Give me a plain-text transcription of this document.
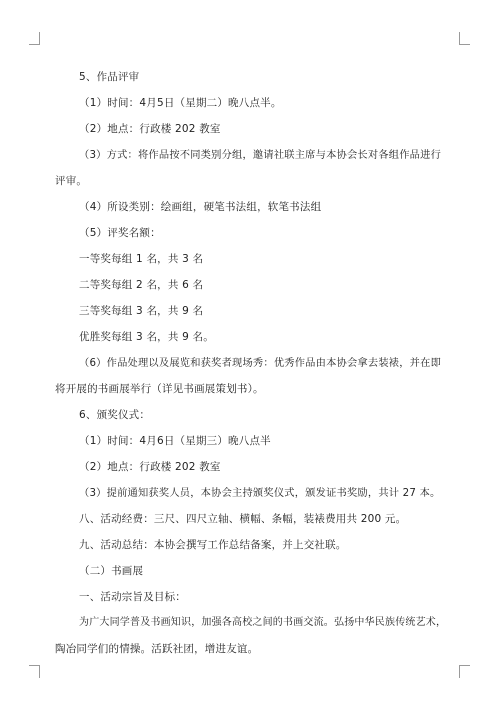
5、作品评审
（1）时间：4月5日（星期二）晚八点半。
（2）地点：行政楼 202 教室
（3）方式：将作品按不同类别分组，邀请社联主席与本协会长对各组作品进行
评审。
（4）所设类别：绘画组，硬笔书法组，软笔书法组
（5）评奖名额：
一等奖每组 1 名，共 3 名
二等奖每组 2 名，共 6 名
三等奖每组 3 名，共 9 名
优胜奖每组 3 名，共 9 名。
（6）作品处理以及展览和获奖者现场秀：优秀作品由本协会拿去装裱，并在即
将开展的书画展举行（详见书画展策划书）。
6、颁奖仪式：
（1）时间：4月6日（星期三）晚八点半
（2）地点：行政楼 202 教室
（3）提前通知获奖人员，本协会主持颁奖仪式，颁发证书奖励，共计 27 本。
八、活动经费：三尺、四尺立轴、横幅、条幅，装裱费用共 200 元。
九、活动总结：本协会撰写工作总结备案，并上交社联。
（二）书画展
一、活动宗旨及目标：
为广大同学普及书画知识，加强各高校之间的书画交流。弘扬中华民族传统艺术，
陶冶同学们的情操。活跃社团，增进友谊。
